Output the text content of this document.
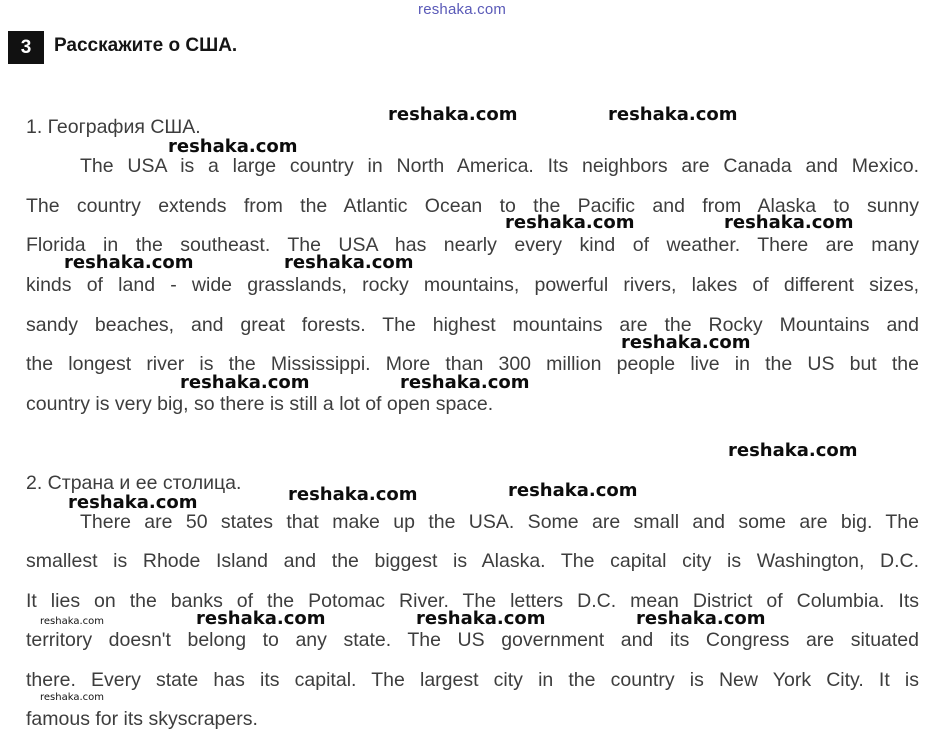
reshaka.com
3	Расскажите о США.
1. География США.
The USA is a large country in North America. Its neighbors are Canada and Mexico.
The country extends from the Atlantic Ocean to the Pacific and from Alaska to sunny
Florida in the southeast. The USA has nearly every kind of weather. There are many
kinds of land - wide grasslands, rocky mountains, powerful rivers, lakes of different sizes,
sandy beaches, and great forests. The highest mountains are the Rocky Mountains and
the longest river is the Mississippi. More than 300 million people live in the US but the
country is very big, so there is still a lot of open space.
2. Страна и ее столица.
There are 50 states that make up the USA. Some are small and some are big. The
smallest is Rhode Island and the biggest is Alaska. The capital city is Washington, D.C.
It lies on the banks of the Potomac River. The letters D.C. mean District of Columbia. Its
territory doesn't belong to any state. The US government and its Congress are situated
there. Every state has its capital. The largest city in the country is New York City. It is
famous for its skyscrapers.
reshaka.com	reshaka.com
reshaka.com
reshaka.com	reshaka.com
reshaka.com	reshaka.com
reshaka.com
reshaka.com	reshaka.com
reshaka.com
reshaka.com	reshaka.com
reshaka.com
reshaka.com	reshaka.com	reshaka.com
reshaka.com
reshaka.com
